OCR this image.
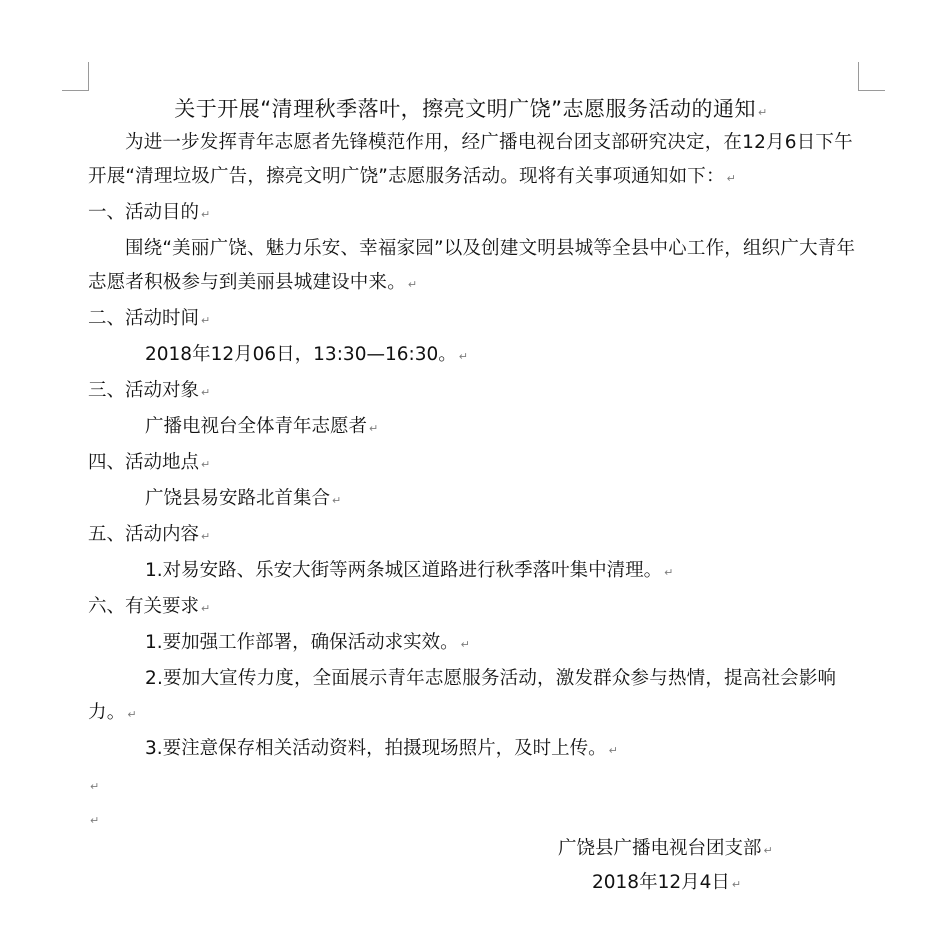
关于开展“清理秋季落叶，擦亮文明广饶”志愿服务活动的通知 ↵
为进一步发挥青年志愿者先锋模范作用，经广播电视台团支部研究决定，在12月6日下午开展“清理垃圾广告，擦亮文明广饶”志愿服务活动。现将有关事项通知如下： ↵
一、活动目的 ↵
围绕“美丽广饶、魅力乐安、幸福家园”以及创建文明县城等全县中心工作，组织广大青年志愿者积极参与到美丽县城建设中来。 ↵
二、活动时间 ↵
2018年12月06日，13:30—16:30。 ↵
三、活动对象 ↵
广播电视台全体青年志愿者 ↵
四、活动地点 ↵
广饶县易安路北首集合 ↵
五、活动内容 ↵
1.对易安路、乐安大街等两条城区道路进行秋季落叶集中清理。 ↵
六、有关要求 ↵
1.要加强工作部署，确保活动求实效。 ↵
2.要加大宣传力度，全面展示青年志愿服务活动，激发群众参与热情，提高社会影响力。 ↵
3.要注意保存相关活动资料，拍摄现场照片，及时上传。 ↵
↵
↵
广饶县广播电视台团支部 ↵
2018年12月4日 ↵
